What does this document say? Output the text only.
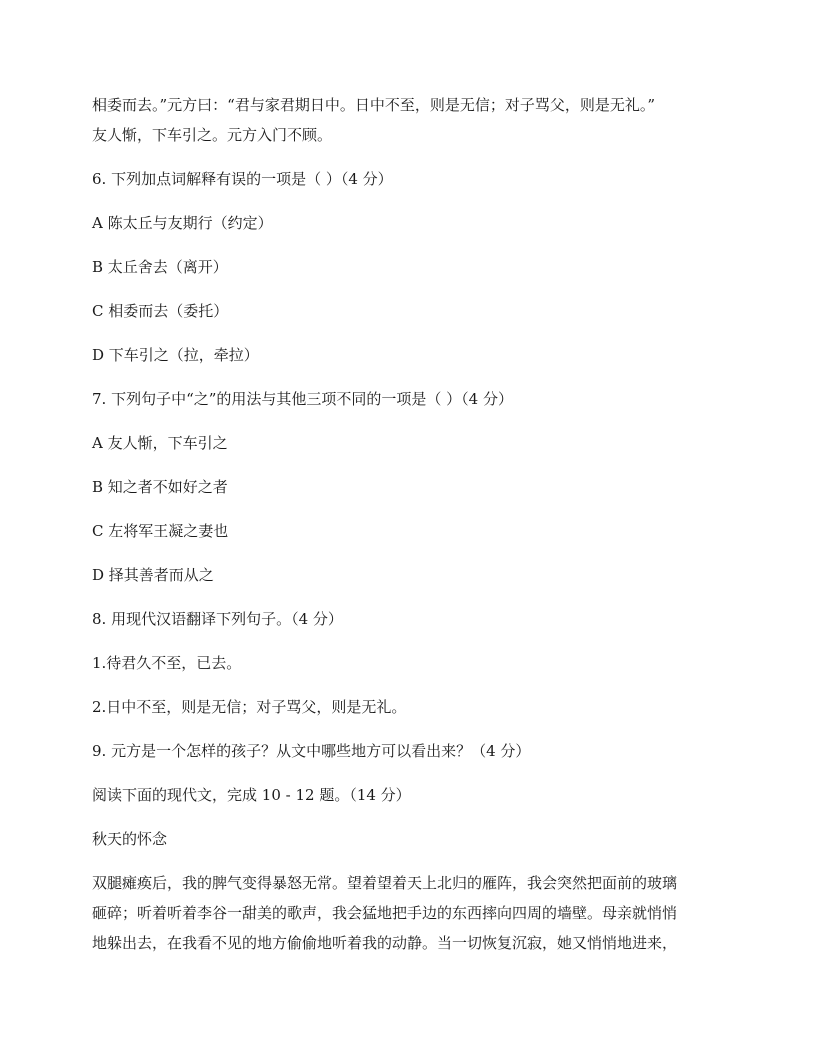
相委而去。”元方曰：“君与家君期日中。日中不至，则是无信；对子骂父，则是无礼。”
友人惭，下车引之。元方入门不顾。
6. 下列加点词解释有误的一项是（ ）（4 分）
A 陈太丘与友期行（约定）
B 太丘舍去（离开）
C 相委而去（委托）
D 下车引之（拉，牵拉）
7. 下列句子中“之”的用法与其他三项不同的一项是（ ）（4 分）
A 友人惭，下车引之
B 知之者不如好之者
C 左将军王凝之妻也
D 择其善者而从之
8. 用现代汉语翻译下列句子。（4 分）
1.待君久不至，已去。
2.日中不至，则是无信；对子骂父，则是无礼。
9. 元方是一个怎样的孩子？从文中哪些地方可以看出来？（4 分）
阅读下面的现代文，完成 10 - 12 题。（14 分）
秋天的怀念
双腿瘫痪后，我的脾气变得暴怒无常。望着望着天上北归的雁阵，我会突然把面前的玻璃
砸碎；听着听着李谷一甜美的歌声，我会猛地把手边的东西摔向四周的墙壁。母亲就悄悄
地躲出去，在我看不见的地方偷偷地听着我的动静。当一切恢复沉寂，她又悄悄地进来，
